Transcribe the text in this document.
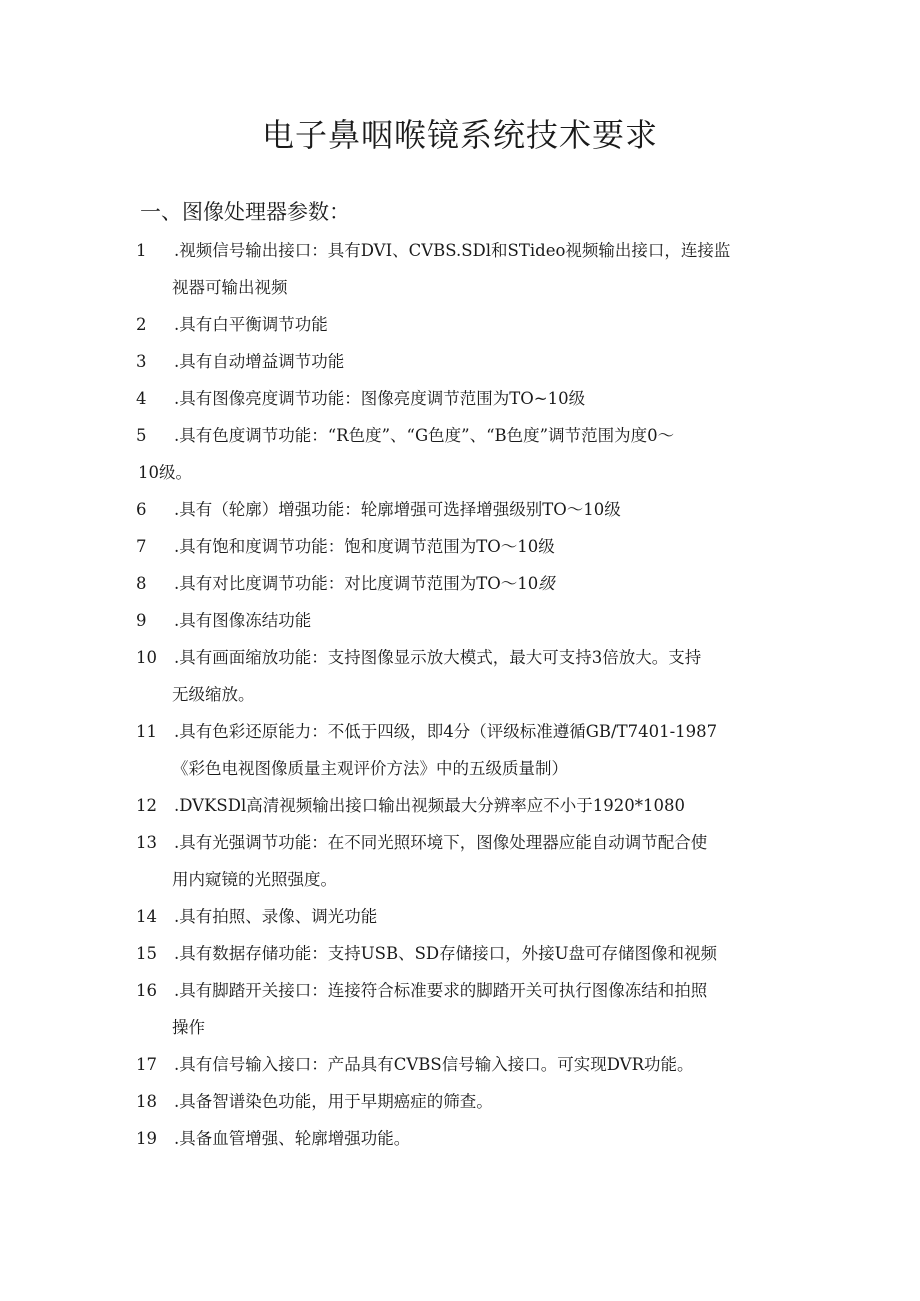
电子鼻咽喉镜系统技术要求
一、图像处理器参数：
1 .视频信号输出接口：具有DVI、CVBS.SDl和STideo视频输出接口，连接监
视器可输出视频
2 .具有白平衡调节功能
3 .具有自动增益调节功能
4 .具有图像亮度调节功能：图像亮度调节范围为TO~10级
5 .具有色度调节功能：“R色度”、“G色度”、“B色度”调节范围为度0～
10级。
6 .具有（轮廓）增强功能：轮廓增强可选择增强级别TO～10级
7 .具有饱和度调节功能：饱和度调节范围为TO～10级
8 .具有对比度调节功能：对比度调节范围为TO～10级
9 .具有图像冻结功能
10 .具有画面缩放功能：支持图像显示放大模式，最大可支持3倍放大。支持
无级缩放。
11 .具有色彩还原能力：不低于四级，即4分（评级标准遵循GB/T7401-1987
《彩色电视图像质量主观评价方法》中的五级质量制）
12 .DVKSDl高清视频输出接口输出视频最大分辨率应不小于1920*1080
13 .具有光强调节功能：在不同光照环境下，图像处理器应能自动调节配合使
用内窥镜的光照强度。
14 .具有拍照、录像、调光功能
15 .具有数据存储功能：支持USB、SD存储接口，外接U盘可存储图像和视频
16 .具有脚踏开关接口：连接符合标准要求的脚踏开关可执行图像冻结和拍照
操作
17 .具有信号输入接口：产品具有CVBS信号输入接口。可实现DVR功能。
18 .具备智谱染色功能，用于早期癌症的筛查。
19 .具备血管增强、轮廓增强功能。
